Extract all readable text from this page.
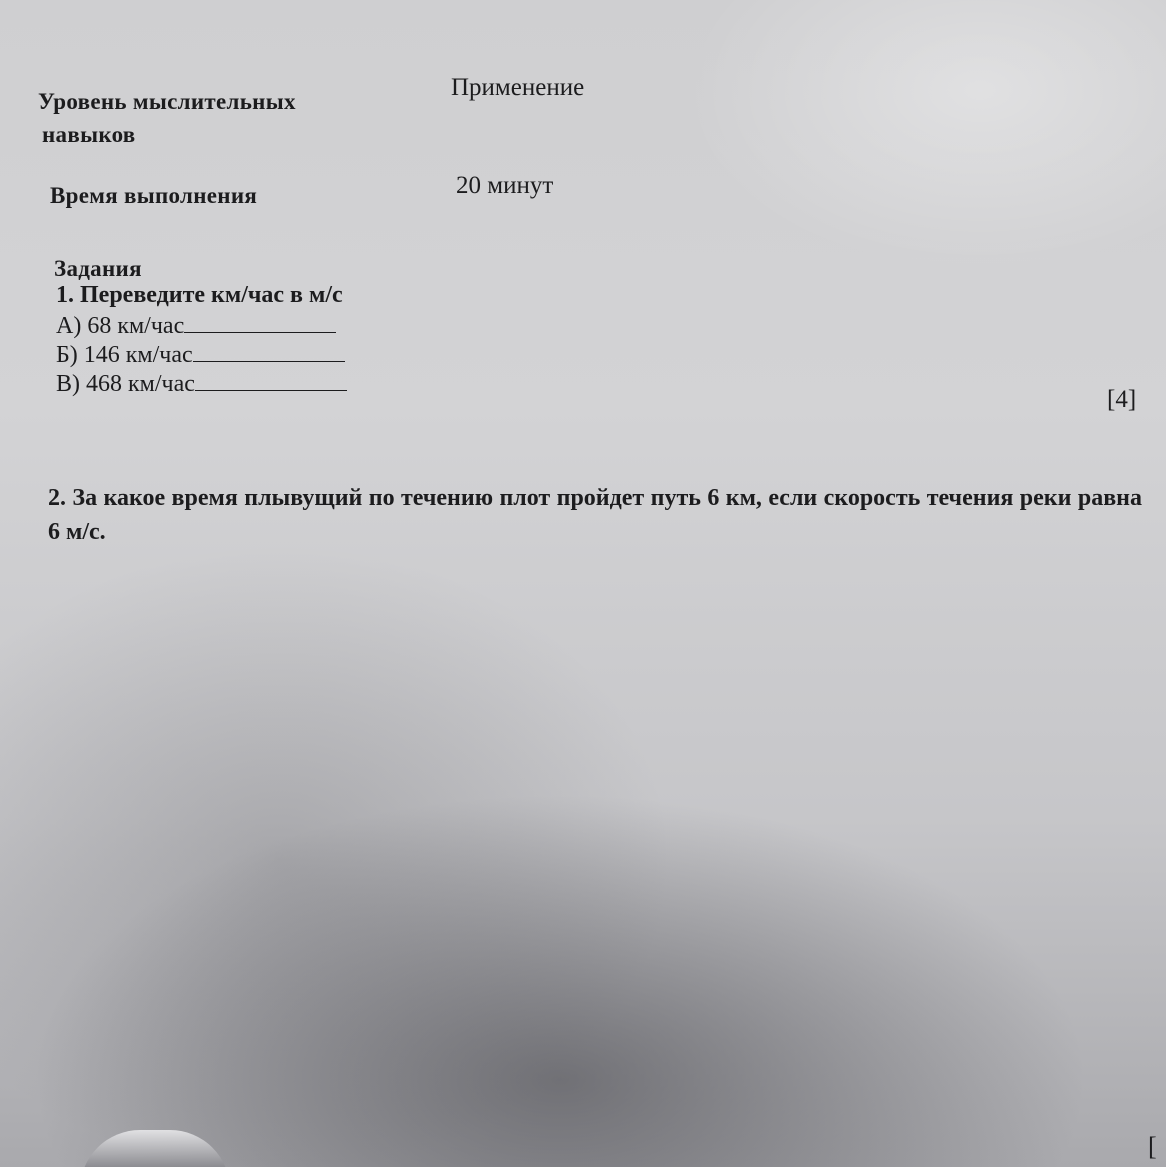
Уровень мыслительных
навыков
Применение
Время выполнения	20 минут
Задания
1. Переведите км/час в м/с
А) 68 км/час
Б) 146 км/час
В) 468 км/час
[4]
2. За какое время плывущий по течению плот пройдет путь 6 км, если скорость течения реки равна 6 м/с.
[
